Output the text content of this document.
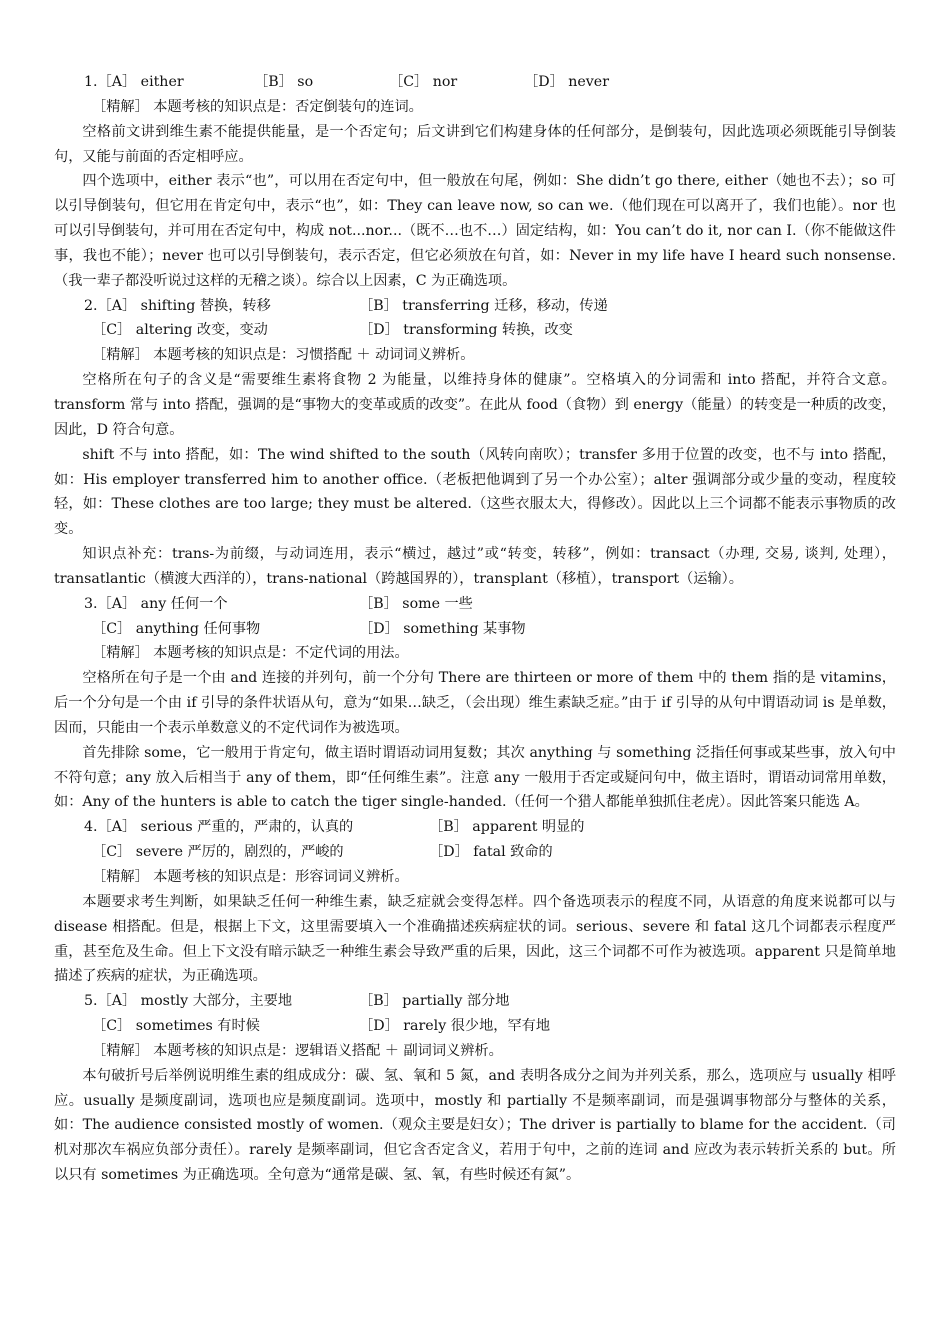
1.［A］ either	［B］ so	［C］ nor	［D］ never

［精解］ 本题考核的知识点是：否定倒装句的连词。

空格前文讲到维生素不能提供能量，是一个否定句；后文讲到它们构建身体的任何部分，是倒装句，因此选项必须既能引导倒装句，又能与前面的否定相呼应。

四个选项中，either 表示“也”，可以用在否定句中，但一般放在句尾，例如：She didn’t go there, either（她也不去）；so 可以引导倒装句，但它用在肯定句中，表示“也”，如：They can leave now, so can we.（他们现在可以离开了，我们也能）。nor 也可以引导倒装句，并可用在否定句中，构成 not...nor...（既不…也不…）固定结构，如：You can’t do it, nor can I.（你不能做这件事，我也不能）；never 也可以引导倒装句，表示否定，但它必须放在句首，如：Never in my life have I heard such nonsense.（我一辈子都没听说过这样的无稽之谈）。综合以上因素，C 为正确选项。

2.［A］ shifting 替换，转移	［B］ transferring 迁移，移动，传递
［C］ altering 改变，变动	［D］ transforming 转换，改变

［精解］ 本题考核的知识点是：习惯搭配 ＋ 动词词义辨析。

空格所在句子的含义是“需要维生素将食物 2 为能量，以维持身体的健康”。空格填入的分词需和 into 搭配，并符合文意。transform 常与 into 搭配，强调的是“事物大的变革或质的改变”。在此从 food（食物）到 energy（能量）的转变是一种质的改变，因此，D 符合句意。

shift 不与 into 搭配，如：The wind shifted to the south（风转向南吹）；transfer 多用于位置的改变，也不与 into 搭配，如：His employer transferred him to another office.（老板把他调到了另一个办公室）；alter 强调部分或少量的变动，程度较轻，如：These clothes are too large; they must be altered.（这些衣服太大，得修改）。因此以上三个词都不能表示事物质的改变。

知识点补充：trans-为前缀，与动词连用，表示“横过，越过”或“转变，转移”，例如：transact（办理, 交易, 谈判, 处理），transatlantic（横渡大西洋的），trans-national（跨越国界的），transplant（移植），transport（运输）。

3.［A］ any 任何一个	［B］ some 一些
［C］ anything 任何事物	［D］ something 某事物

［精解］ 本题考核的知识点是：不定代词的用法。

空格所在句子是一个由 and 连接的并列句，前一个分句 There are thirteen or more of them 中的 them 指的是 vitamins，后一个分句是一个由 if 引导的条件状语从句，意为“如果…缺乏，（会出现）维生素缺乏症。”由于 if 引导的从句中谓语动词 is 是单数，因而，只能由一个表示单数意义的不定代词作为被选项。

首先排除 some，它一般用于肯定句，做主语时谓语动词用复数；其次 anything 与 something 泛指任何事或某些事，放入句中不符句意；any 放入后相当于 any of them，即“任何维生素”。注意 any 一般用于否定或疑问句中，做主语时，谓语动词常用单数，如：Any of the hunters is able to catch the tiger single-handed.（任何一个猎人都能单独抓住老虎）。因此答案只能选 A。

4.［A］ serious 严重的，严肃的，认真的	［B］ apparent 明显的
［C］ severe 严厉的，剧烈的，严峻的	［D］ fatal 致命的

［精解］ 本题考核的知识点是：形容词词义辨析。

本题要求考生判断，如果缺乏任何一种维生素，缺乏症就会变得怎样。四个备选项表示的程度不同，从语意的角度来说都可以与 disease 相搭配。但是，根据上下文，这里需要填入一个准确描述疾病症状的词。serious、severe 和 fatal 这几个词都表示程度严重，甚至危及生命。但上下文没有暗示缺乏一种维生素会导致严重的后果，因此，这三个词都不可作为被选项。apparent 只是简单地描述了疾病的症状，为正确选项。

5.［A］ mostly 大部分，主要地	［B］ partially 部分地
［C］ sometimes 有时候	［D］ rarely 很少地，罕有地

［精解］ 本题考核的知识点是：逻辑语义搭配 ＋ 副词词义辨析。

本句破折号后举例说明维生素的组成成分：碳、氢、氧和 5 氮，and 表明各成分之间为并列关系，那么，选项应与 usually 相呼应。usually 是频度副词，选项也应是频度副词。选项中，mostly 和 partially 不是频率副词，而是强调事物部分与整体的关系，如：The audience consisted mostly of women.（观众主要是妇女）；The driver is partially to blame for the accident.（司机对那次车祸应负部分责任）。rarely 是频率副词，但它含否定含义，若用于句中，之前的连词 and 应改为表示转折关系的 but。所以只有 sometimes 为正确选项。全句意为“通常是碳、氢、氧，有些时候还有氮”。
